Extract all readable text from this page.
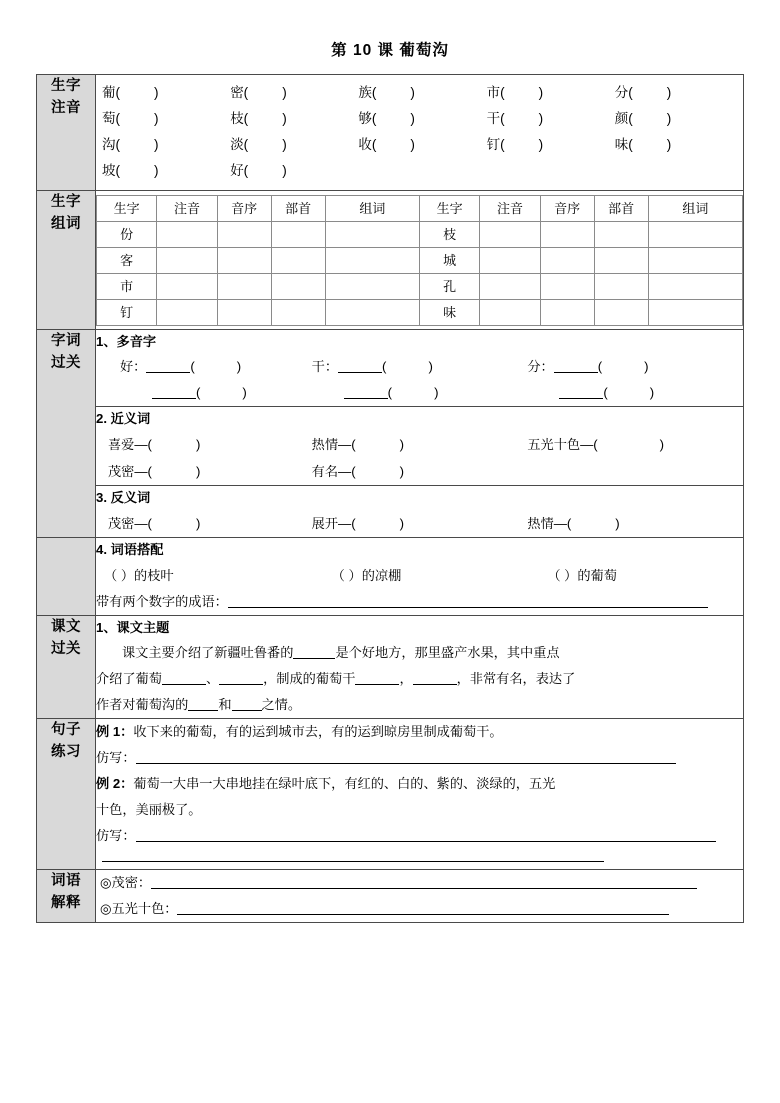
第 10 课 葡萄沟
生字
注音

葡(	)	密(	)	族(	)	市(	)	分(	)
萄(	)	枝(	)	够(	)	干(	)	颜(	)
沟(	)	淡(	)	收(	)	钉(	)	味(	)
坡(	)	好(	)

生字
组词

生字	注音	音序	部首	组词	生字	注音	音序	部首	组词
份					枝				
客					城				
市					孔				
钉					味				

字词
过关

1、多音字
好：	(	)	干：	(	)	分：	(	)
(	)	(	)	(	)

2. 近义词
喜爱—(	)	热情—(	)	五光十色—(	)
茂密—(	)	有名—(	)

3. 反义词
茂密—(	)	展开—(	)	热情—(	)

4. 词语搭配
（ ）的枝叶	（ ）的凉棚	（ ）的葡萄
带有两个数字的成语：

课文
过关

1、课文主题
课文主要介绍了新疆吐鲁番的	是个好地方，那里盛产水果，其中重点
介绍了葡萄	、	，制成的葡萄干	，	，非常有名，表达了
作者对葡萄沟的 和 之情。

句子
练习

例 1：收下来的葡萄，有的运到城市去，有的运到晾房里制成葡萄干。
仿写：
例 2：葡萄一大串一大串地挂在绿叶底下，有红的、白的、紫的、淡绿的，五光
十色，美丽极了。
仿写：

词语
解释

◎茂密：
◎五光十色：
